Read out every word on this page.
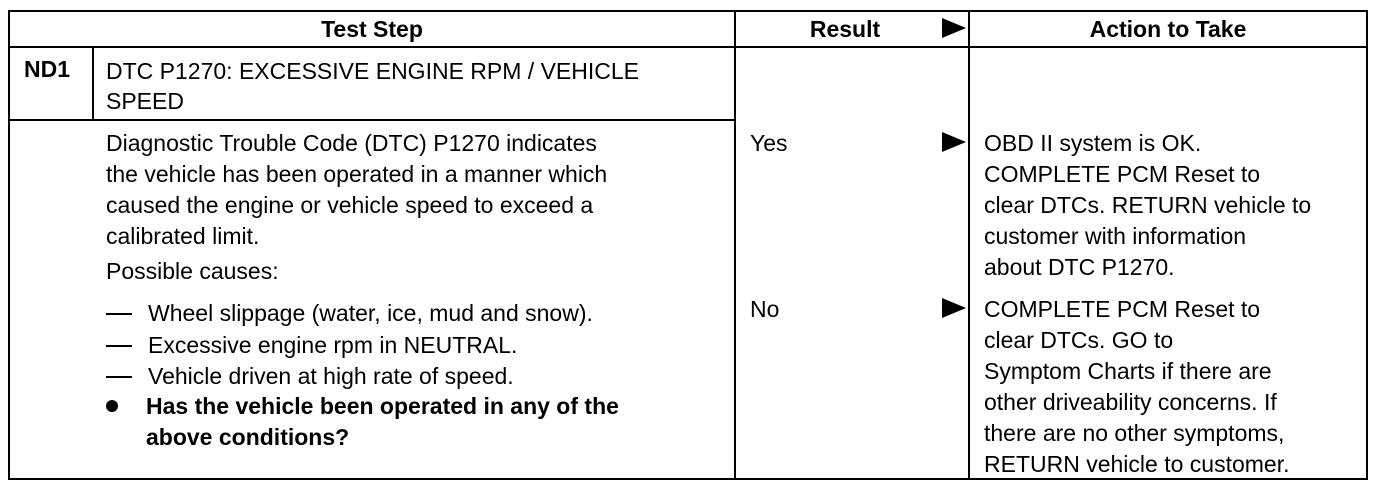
Test Step	Result	Action to Take
ND1 DTC P1270: EXCESSIVE ENGINE RPM / VEHICLE
SPEED
Diagnostic Trouble Code (DTC) P1270 indicates
the vehicle has been operated in a manner which
caused the engine or vehicle speed to exceed a
calibrated limit.
Possible causes:
Wheel slippage (water, ice, mud and snow).
Excessive engine rpm in NEUTRAL.
Vehicle driven at high rate of speed.
Has the vehicle been operated in any of the
above conditions?
Yes	OBD II system is OK.
COMPLETE PCM Reset to
clear DTCs. RETURN vehicle to
customer with information
about DTC P1270.
No	COMPLETE PCM Reset to
clear DTCs. GO to
Symptom Charts if there are
other driveability concerns. If
there are no other symptoms,
RETURN vehicle to customer.
